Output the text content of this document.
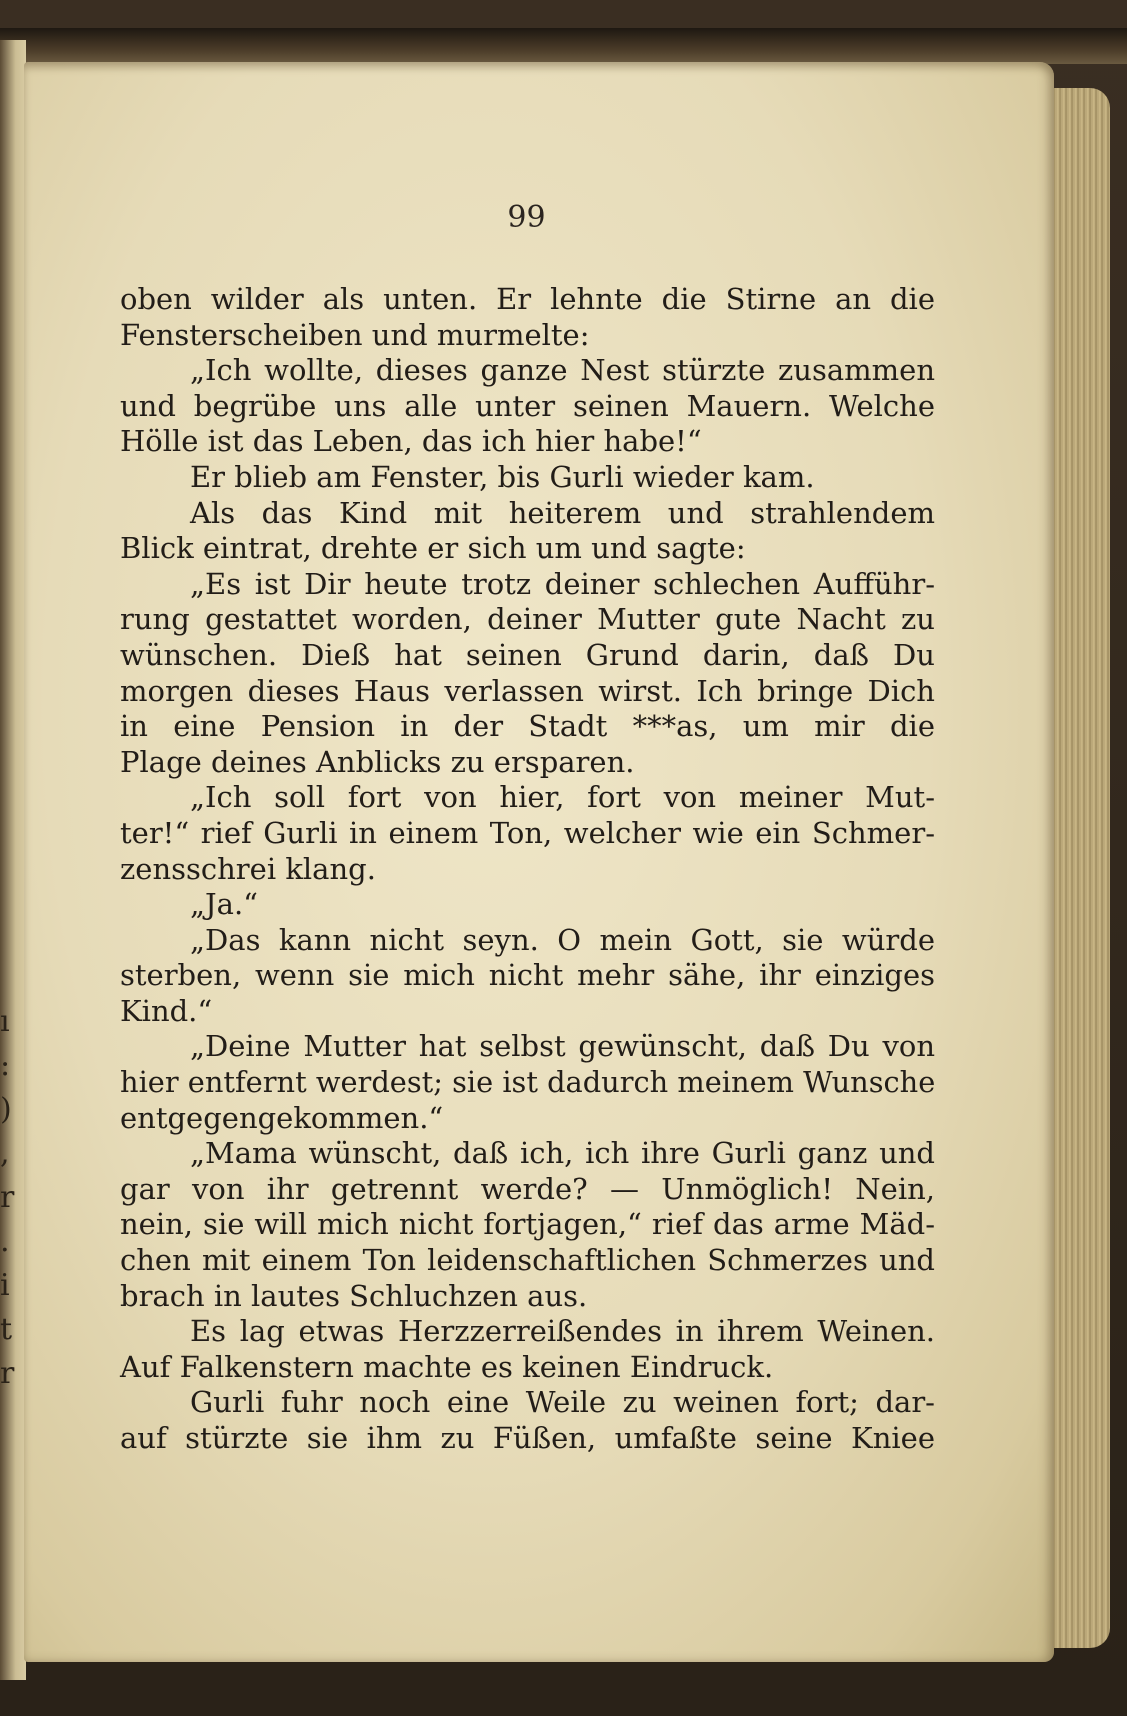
ı
:
)
,
r
.
i
t
r
99
oben wilder als unten. Er lehnte die Stirne an die
Fensterscheiben und murmelte:
„Ich wollte, dieses ganze Nest stürzte zusammen
und begrübe uns alle unter seinen Mauern. Welche
Hölle ist das Leben, das ich hier habe!“
Er blieb am Fenster, bis Gurli wieder kam.
Als das Kind mit heiterem und strahlendem
Blick eintrat, drehte er sich um und sagte:
„Es ist Dir heute trotz deiner schlechen Aufführ-
rung gestattet worden, deiner Mutter gute Nacht zu
wünschen. Dieß hat seinen Grund darin, daß Du
morgen dieses Haus verlassen wirst. Ich bringe Dich
in eine Pension in der Stadt ***as, um mir die
Plage deines Anblicks zu ersparen.
„Ich soll fort von hier, fort von meiner Mut-
ter!“ rief Gurli in einem Ton, welcher wie ein Schmer-
zensschrei klang.
„Ja.“
„Das kann nicht seyn. O mein Gott, sie würde
sterben, wenn sie mich nicht mehr sähe, ihr einziges
Kind.“
„Deine Mutter hat selbst gewünscht, daß Du von
hier entfernt werdest; sie ist dadurch meinem Wunsche
entgegengekommen.“
„Mama wünscht, daß ich, ich ihre Gurli ganz und
gar von ihr getrennt werde? — Unmöglich! Nein,
nein, sie will mich nicht fortjagen,“ rief das arme Mäd-
chen mit einem Ton leidenschaftlichen Schmerzes und
brach in lautes Schluchzen aus.
Es lag etwas Herzzerreißendes in ihrem Weinen.
Auf Falkenstern machte es keinen Eindruck.
Gurli fuhr noch eine Weile zu weinen fort; dar-
auf stürzte sie ihm zu Füßen, umfaßte seine Kniee
